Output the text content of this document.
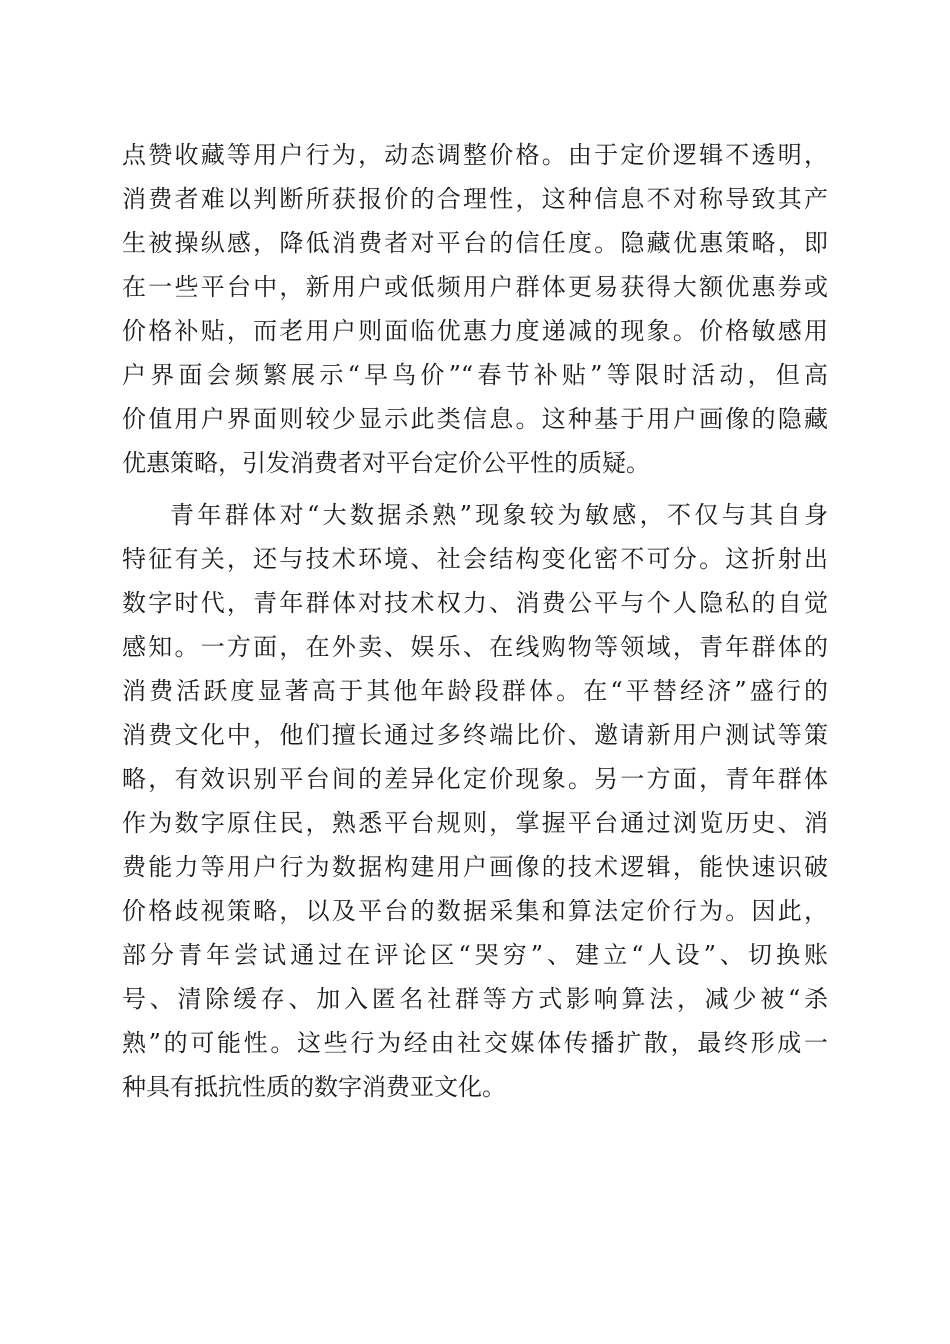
点赞收藏等用户行为，动态调整价格。由于定价逻辑不透明，
消费者难以判断所获报价的合理性，这种信息不对称导致其产
生被操纵感，降低消费者对平台的信任度。隐藏优惠策略，即
在一些平台中，新用户或低频用户群体更易获得大额优惠券或
价格补贴，而老用户则面临优惠力度递减的现象。价格敏感用
户界面会频繁展示“早鸟价”“春节补贴”等限时活动，但高
价值用户界面则较少显示此类信息。这种基于用户画像的隐藏
优惠策略，引发消费者对平台定价公平性的质疑。
青年群体对“大数据杀熟”现象较为敏感，不仅与其自身
特征有关，还与技术环境、社会结构变化密不可分。这折射出
数字时代，青年群体对技术权力、消费公平与个人隐私的自觉
感知。一方面，在外卖、娱乐、在线购物等领域，青年群体的
消费活跃度显著高于其他年龄段群体。在“平替经济”盛行的
消费文化中，他们擅长通过多终端比价、邀请新用户测试等策
略，有效识别平台间的差异化定价现象。另一方面，青年群体
作为数字原住民，熟悉平台规则，掌握平台通过浏览历史、消
费能力等用户行为数据构建用户画像的技术逻辑，能快速识破
价格歧视策略，以及平台的数据采集和算法定价行为。因此，
部分青年尝试通过在评论区“哭穷”、建立“人设”、切换账
号、清除缓存、加入匿名社群等方式影响算法，减少被“杀
熟”的可能性。这些行为经由社交媒体传播扩散，最终形成一
种具有抵抗性质的数字消费亚文化。
